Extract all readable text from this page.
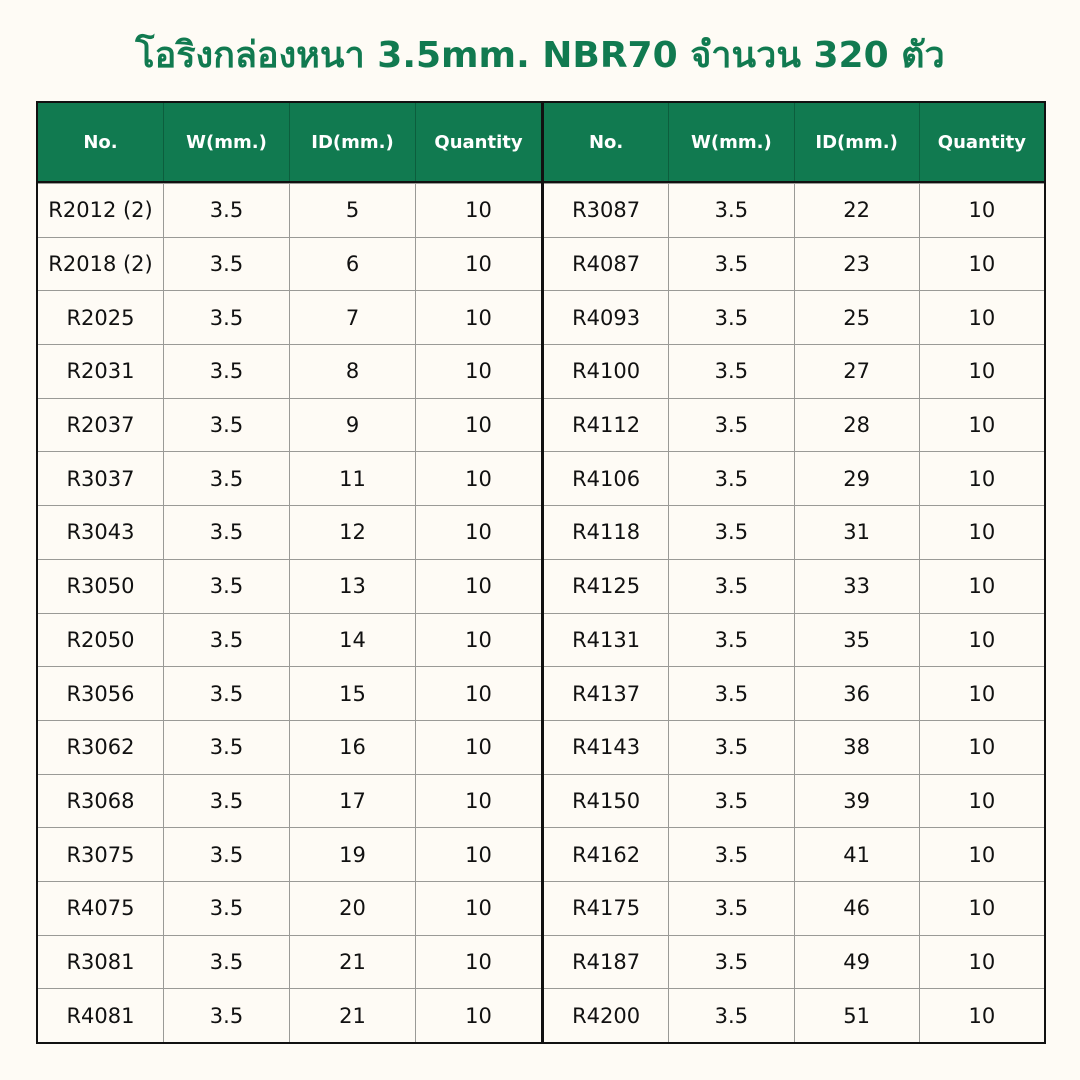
โอริงกล่องหนา 3.5mm. NBR70 จำนวน 320 ตัว
No.	W(mm.)	ID(mm.)	Quantity
R2012 (2)	3.5	5	10
R2018 (2)	3.5	6	10
R2025	3.5	7	10
R2031	3.5	8	10
R2037	3.5	9	10
R3037	3.5	11	10
R3043	3.5	12	10
R3050	3.5	13	10
R2050	3.5	14	10
R3056	3.5	15	10
R3062	3.5	16	10
R3068	3.5	17	10
R3075	3.5	19	10
R4075	3.5	20	10
R3081	3.5	21	10
R4081	3.5	21	10
No.	W(mm.)	ID(mm.)	Quantity
R3087	3.5	22	10
R4087	3.5	23	10
R4093	3.5	25	10
R4100	3.5	27	10
R4112	3.5	28	10
R4106	3.5	29	10
R4118	3.5	31	10
R4125	3.5	33	10
R4131	3.5	35	10
R4137	3.5	36	10
R4143	3.5	38	10
R4150	3.5	39	10
R4162	3.5	41	10
R4175	3.5	46	10
R4187	3.5	49	10
R4200	3.5	51	10
